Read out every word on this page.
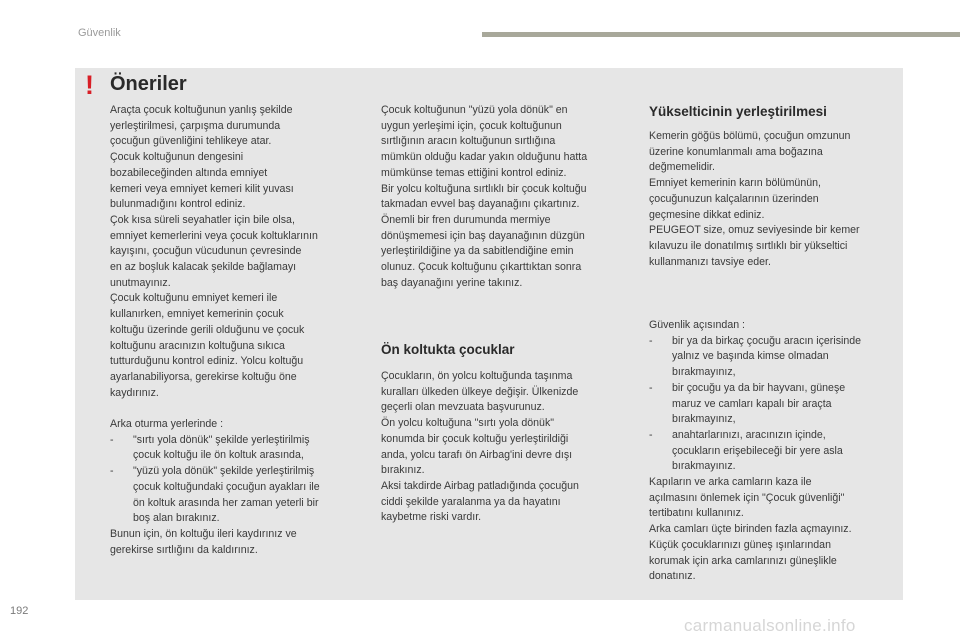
Güvenlik
! Öneriler

Araçta çocuk koltuğunun yanlış şekilde

yerleştirilmesi, çarpışma durumunda

çocuğun güvenliğini tehlikeye atar.

Çocuk koltuğunun dengesini

bozabileceğinden altında emniyet

kemeri veya emniyet kemeri kilit yuvası

bulunmadığını kontrol ediniz.

Çok kısa süreli seyahatler için bile olsa,

emniyet kemerlerini veya çocuk koltuklarının

kayışını, çocuğun vücudunun çevresinde

en az boşluk kalacak şekilde bağlamayı

unutmayınız.

Çocuk koltuğunu emniyet kemeri ile

kullanırken, emniyet kemerinin çocuk

koltuğu üzerinde gerili olduğunu ve çocuk

koltuğunu aracınızın koltuğuna sıkıca

tutturduğunu kontrol ediniz. Yolcu koltuğu

ayarlanabiliyorsa, gerekirse koltuğu öne

kaydırınız.

Arka oturma yerlerinde :

-	"sırtı yola dönük" şekilde yerleştirilmiş

çocuk koltuğu ile ön koltuk arasında,

-	"yüzü yola dönük" şekilde yerleştirilmiş

çocuk koltuğundaki çocuğun ayakları ile

ön koltuk arasında her zaman yeterli bir

boş alan bırakınız.

Bunun için, ön koltuğu ileri kaydırınız ve

gerekirse sırtlığını da kaldırınız.

Çocuk koltuğunun "yüzü yola dönük" en

uygun yerleşimi için, çocuk koltuğunun

sırtlığının aracın koltuğunun sırtlığına

mümkün olduğu kadar yakın olduğunu hatta

mümkünse temas ettiğini kontrol ediniz.

Bir yolcu koltuğuna sırtlıklı bir çocuk koltuğu

takmadan evvel baş dayanağını çıkartınız.

Önemli bir fren durumunda mermiye

dönüşmemesi için baş dayanağının düzgün

yerleştirildiğine ya da sabitlendiğine emin

olunuz. Çocuk koltuğunu çıkarttıktan sonra

baş dayanağını yerine takınız.

Ön koltukta çocuklar

Çocukların, ön yolcu koltuğunda taşınma

kuralları ülkeden ülkeye değişir. Ülkenizde

geçerli olan mevzuata başvurunuz.

Ön yolcu koltuğuna "sırtı yola dönük"

konumda bir çocuk koltuğu yerleştirildiği

anda, yolcu tarafı ön Airbag'ini devre dışı

bırakınız.

Aksi takdirde Airbag patladığında çocuğun

ciddi şekilde yaralanma ya da hayatını

kaybetme riski vardır.

Yükselticinin yerleştirilmesi

Kemerin göğüs bölümü, çocuğun omzunun

üzerine konumlanmalı ama boğazına

değmemelidir.

Emniyet kemerinin karın bölümünün,

çocuğunuzun kalçalarının üzerinden

geçmesine dikkat ediniz.

PEUGEOT size, omuz seviyesinde bir kemer

kılavuzu ile donatılmış sırtlıklı bir yükseltici

kullanmanızı tavsiye eder.

Güvenlik açısından :

-	bir ya da birkaç çocuğu aracın içerisinde

yalnız ve başında kimse olmadan

bırakmayınız,

-	bir çocuğu ya da bir hayvanı, güneşe

maruz ve camları kapalı bir araçta

bırakmayınız,

-	anahtarlarınızı, aracınızın içinde,

çocukların erişebileceği bir yere asla

bırakmayınız.

Kapıların ve arka camların kaza ile

açılmasını önlemek için "Çocuk güvenliği"

tertibatını kullanınız.

Arka camları üçte birinden fazla açmayınız.

Küçük çocuklarınızı güneş ışınlarından

korumak için arka camlarınızı güneşlikle

donatınız.

192
carmanualsonline.info
